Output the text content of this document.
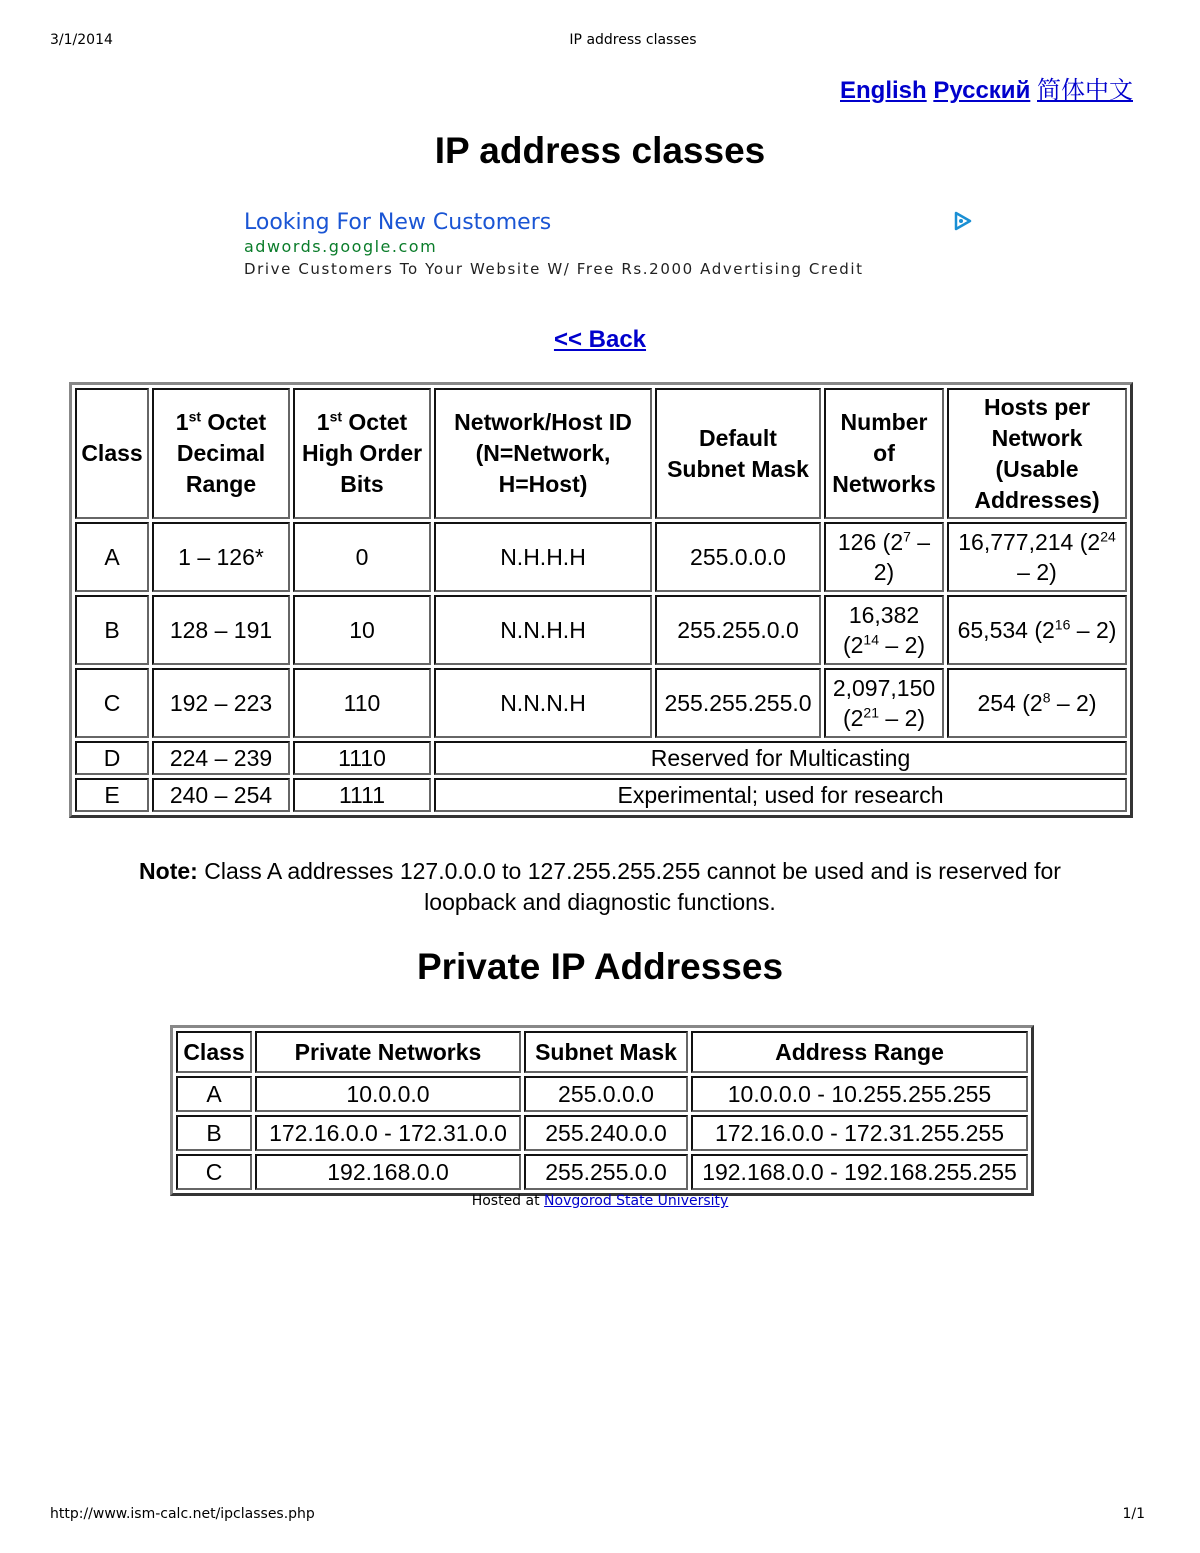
3/1/2014	IP address classes
English Русский 简体中文
IP address classes
Looking For New Customers
adwords.google.com
Drive Customers To Your Website W/ Free Rs.2000 Advertising Credit
<< Back
Class	1st Octet Decimal Range	1st Octet High Order Bits	Network/Host ID (N=Network, H=Host)	Default Subnet Mask	Number of Networks	Hosts per Network (Usable Addresses)
A	1 – 126*	0	N.H.H.H	255.0.0.0	126 $(2^7 - 2)$	16,777,214 $(2^{24} - 2)$
B	128 – 191	10	N.N.H.H	255.255.0.0	16,382 $(2^{14} - 2)$	65,534 $(2^{16} - 2)$
C	192 – 223	110	N.N.N.H	255.255.255.0	2,097,150 $(2^{21} - 2)$	254 $(2^8 - 2)$
D	224 – 239	1110	Reserved for Multicasting			
E	240 – 254	1111	Experimental; used for research			
Note: Class A addresses 127.0.0.0 to 127.255.255.255 cannot be used and is reserved for loopback and diagnostic functions.
Private IP Addresses
Class	Private Networks	Subnet Mask	Address Range
A	10.0.0.0	255.0.0.0	10.0.0.0 - 10.255.255.255
B	172.16.0.0 - 172.31.0.0	255.240.0.0	172.16.0.0 - 172.31.255.255
C	192.168.0.0	255.255.0.0	192.168.0.0 - 192.168.255.255
Hosted at Novgorod State University
http://www.ism-calc.net/ipclasses.php	1/1
